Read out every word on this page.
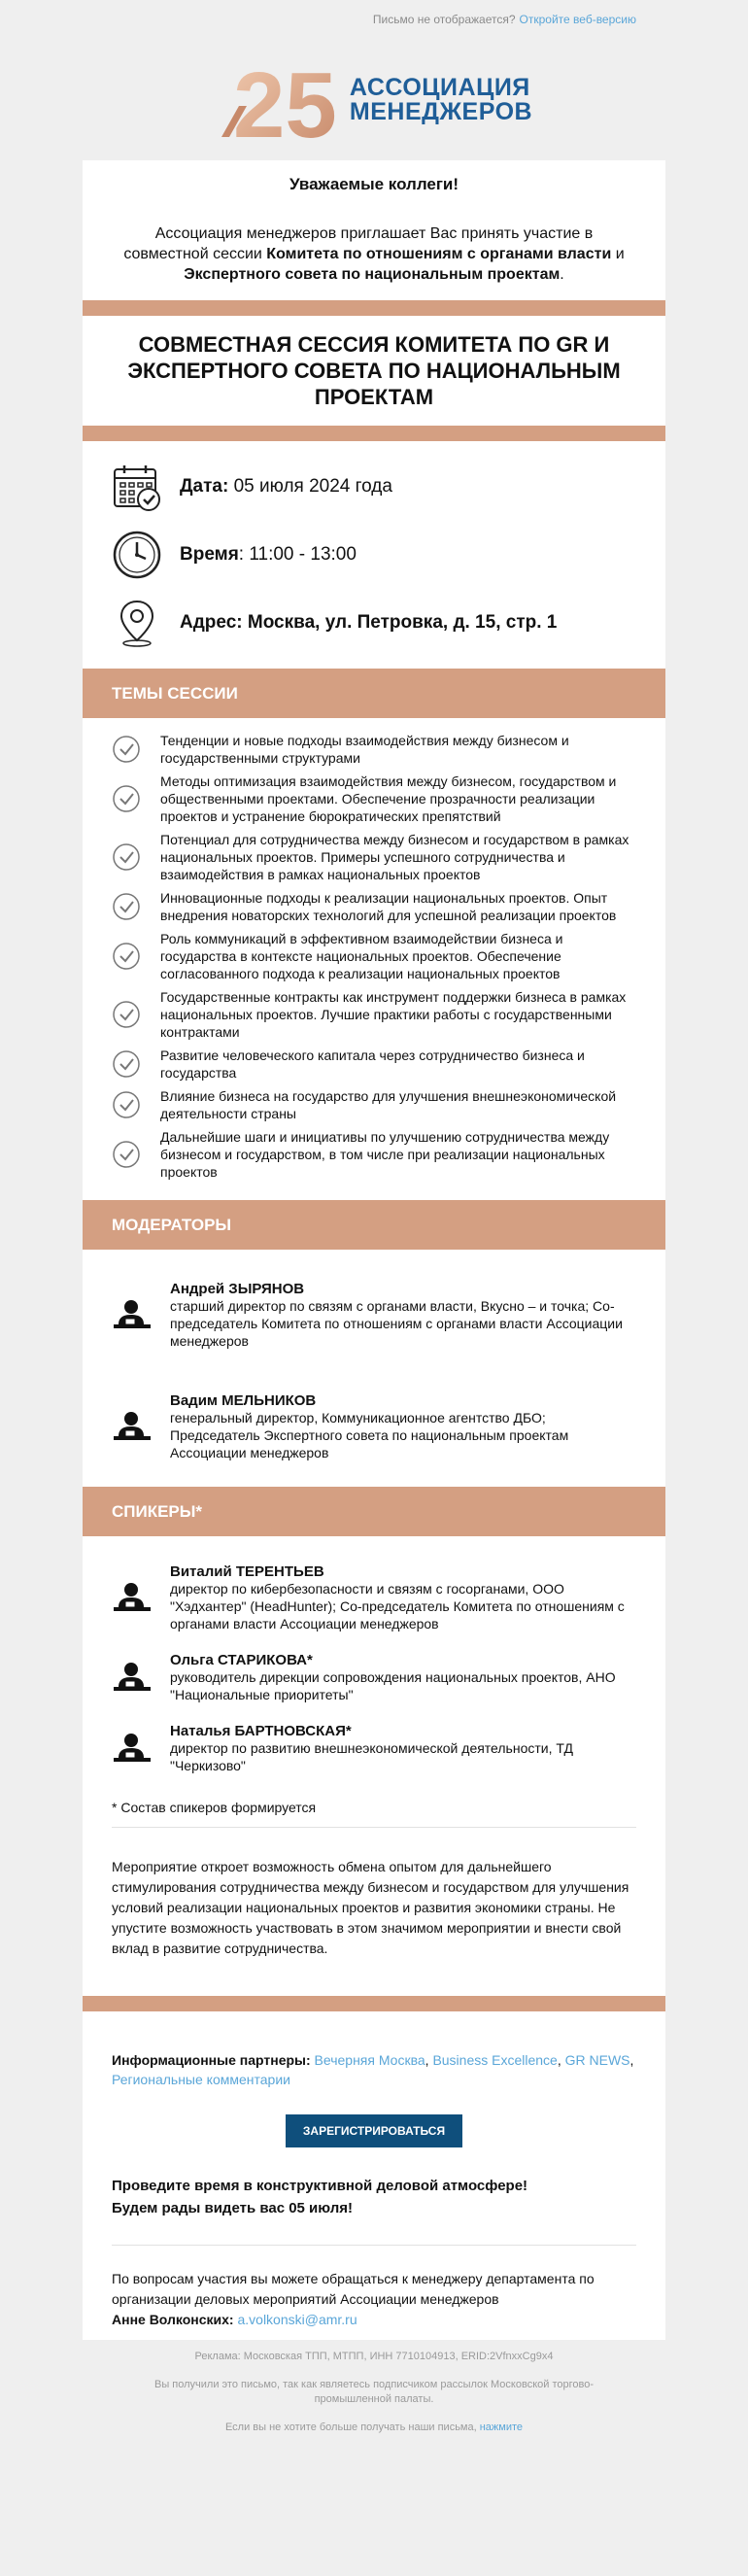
Письмо не отображается? Откройте веб-версию
25 АССОЦИАЦИЯ
МЕНЕДЖЕРОВ

Уважаемые коллеги!

Ассоциация менеджеров приглашает Вас принять участие в совместной сессии Комитета по отношениям с органами власти и Экспертного совета по национальным проектам.

СОВМЕСТНАЯ СЕССИЯ КОМИТЕТА ПО GR И ЭКСПЕРТНОГО СОВЕТА ПО НАЦИОНАЛЬНЫМ ПРОЕКТАМ
Дата: 05 июля 2024 года
Время: 11:00 - 13:00
Адрес: Москва, ул. Петровка, д. 15, стр. 1
ТЕМЫ СЕССИИ
Тенденции и новые подходы взаимодействия между бизнесом и государственными структурами
Методы оптимизация взаимодействия между бизнесом, государством и общественными проектами. Обеспечение прозрачности реализации проектов и устранение бюрократических препятствий
Потенциал для сотрудничества между бизнесом и государством в рамках национальных проектов. Примеры успешного сотрудничества и взаимодействия в рамках национальных проектов
Инновационные подходы к реализации национальных проектов. Опыт внедрения новаторских технологий для успешной реализации проектов
Роль коммуникаций в эффективном взаимодействии бизнеса и государства в контексте национальных проектов. Обеспечение согласованного подхода к реализации национальных проектов
Государственные контракты как инструмент поддержки бизнеса в рамках национальных проектов. Лучшие практики работы с государственными контрактами
Развитие человеческого капитала через сотрудничество бизнеса и государства
Влияние бизнеса на государство для улучшения внешнеэкономической деятельности страны
Дальнейшие шаги и инициативы по улучшению сотрудничества между бизнесом и государством, в том числе при реализации национальных проектов
МОДЕРАТОРЫ
Андрей ЗЫРЯНОВ
старший директор по связям с органами власти, Вкусно – и точка; Со-председатель Комитета по отношениям с органами власти Ассоциации менеджеров
Вадим МЕЛЬНИКОВ
генеральный директор, Коммуникационное агентство ДБО; Председатель Экспертного совета по национальным проектам Ассоциации менеджеров
СПИКЕРЫ*
Виталий ТЕРЕНТЬЕВ
директор по кибербезопасности и связям с госорганами, ООО "Хэдхантер" (HeadHunter); Со-председатель Комитета по отношениям с органами власти Ассоциации менеджеров
Ольга СТАРИКОВА*
руководитель дирекции сопровождения национальных проектов, АНО "Национальные приоритеты"
Наталья БАРТНОВСКАЯ*
директор по развитию внешнеэкономической деятельности, ТД "Черкизово"
* Состав спикеров формируется
Мероприятие откроет возможность обмена опытом для дальнейшего стимулирования сотрудничества между бизнесом и государством для улучшения условий реализации национальных проектов и развития экономики страны. Не упустите возможность участвовать в этом значимом мероприятии и внести свой вклад в развитие сотрудничества.
Информационные партнеры: Вечерняя Москва, Business Excellence, GR NEWS, Региональные комментарии
ЗАРЕГИСТРИРОВАТЬСЯ
Проведите время в конструктивной деловой атмосфере!
Будем рады видеть вас 05 июля!
По вопросам участия вы можете обращаться к менеджеру департамента по организации деловых мероприятий Ассоциации менеджеров
Анне Волконских: a.volkonski@amr.ru

Реклама: Московская ТПП, МТПП, ИНН 7710104913, ERID:2VfnxxCg9x4

Вы получили это письмо, так как являетесь подписчиком рассылок Московской торгово-промышленной палаты.

Если вы не хотите больше получать наши письма, нажмите
